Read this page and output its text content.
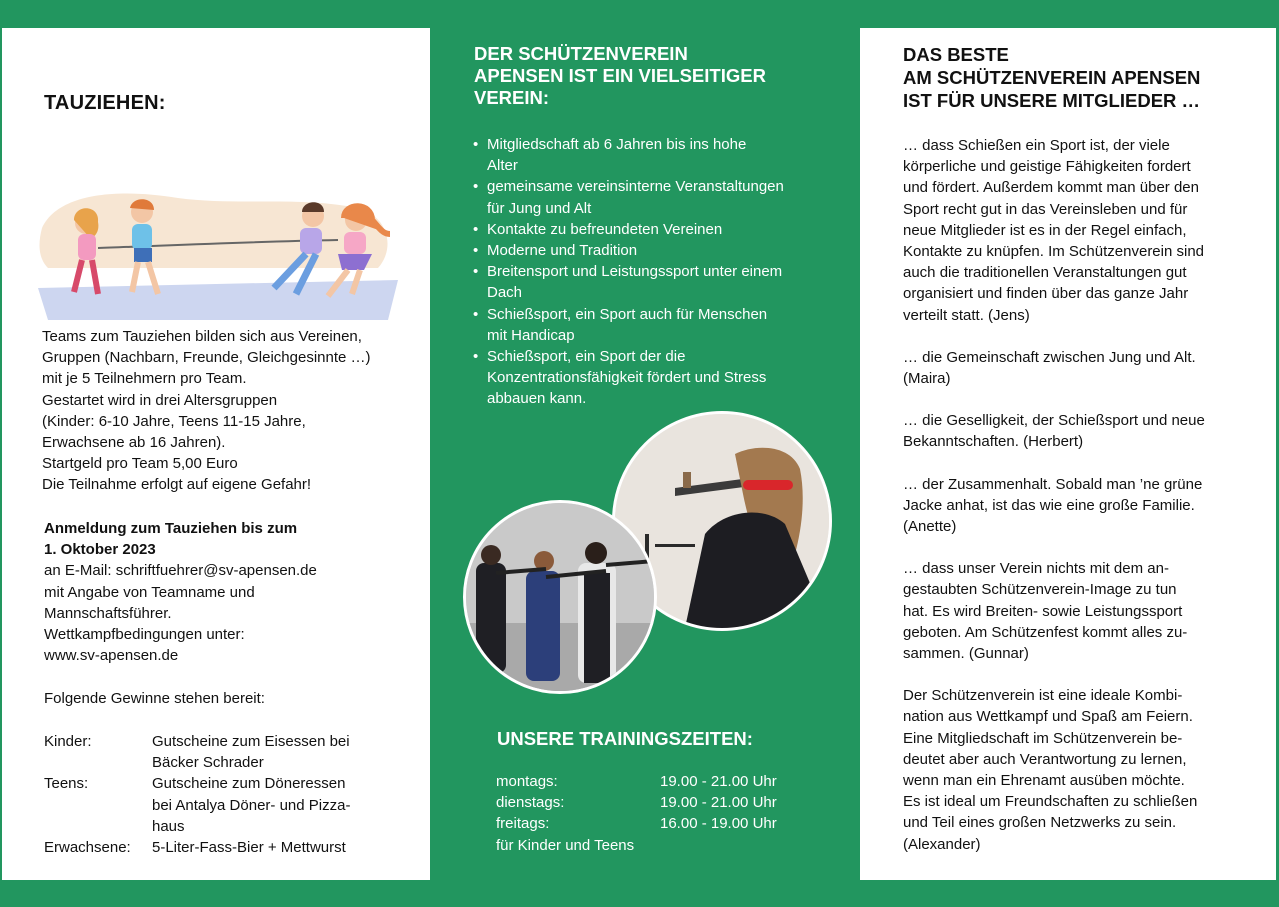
TAUZIEHEN:
Teams zum Tauziehen bilden sich aus Vereinen,
Gruppen (Nachbarn, Freunde, Gleichgesinnte …)
mit je 5 Teilnehmern pro Team.
Gestartet wird in drei Altersgruppen
(Kinder: 6-10 Jahre, Teens 11-15 Jahre,
Erwachsene ab 16 Jahren).
Startgeld pro Team 5,00 Euro
Die Teilnahme erfolgt auf eigene Gefahr!
Anmeldung zum Tauziehen bis zum
1. Oktober 2023
an E-Mail: schriftfuehrer@sv-apensen.de
mit Angabe von Teamname und
Mannschaftsführer.
Wettkampfbedingungen unter:
www.sv-apensen.de
Folgende Gewinne stehen bereit:
Kinder:	Gutscheine zum Eisessen bei
Bäcker Schrader
Teens:	Gutscheine zum Döneressen
bei Antalya Döner- und Pizza-
haus
Erwachsene:	5-Liter-Fass-Bier + Mettwurst
DER SCHÜTZENVEREIN
APENSEN IST EIN VIELSEITIGER
VEREIN:
• Mitgliedschaft ab 6 Jahren bis ins hohe
Alter
• gemeinsame vereinsinterne Veranstaltungen
für Jung und Alt
• Kontakte zu befreundeten Vereinen
• Moderne und Tradition
• Breitensport und Leistungssport unter einem
Dach
• Schießsport, ein Sport auch für Menschen
mit Handicap
• Schießsport, ein Sport der die
Konzentrationsfähigkeit fördert und Stress
abbauen kann.
UNSERE TRAININGSZEITEN:
montags:	19.00 - 21.00 Uhr
dienstags:	19.00 - 21.00 Uhr
freitags:	16.00 - 19.00 Uhr
für Kinder und Teens
DAS BESTE
AM SCHÜTZENVEREIN APENSEN
IST FÜR UNSERE MITGLIEDER …
… dass Schießen ein Sport ist, der viele
körperliche und geistige Fähigkeiten fordert
und fördert. Außerdem kommt man über den
Sport recht gut in das Vereinsleben und für
neue Mitglieder ist es in der Regel einfach,
Kontakte zu knüpfen. Im Schützenverein sind
auch die traditionellen Veranstaltungen gut
organisiert und finden über das ganze Jahr
verteilt statt. (Jens)
… die Gemeinschaft zwischen Jung und Alt.
(Maira)
… die Geselligkeit, der Schießsport und neue
Bekanntschaften. (Herbert)
… der Zusammenhalt. Sobald man ’ne grüne
Jacke anhat, ist das wie eine große Familie.
(Anette)
… dass unser Verein nichts mit dem an-
gestaubten Schützenverein-Image zu tun
hat. Es wird Breiten- sowie Leistungssport
geboten. Am Schützenfest kommt alles zu-
sammen. (Gunnar)
Der Schützenverein ist eine ideale Kombi-
nation aus Wettkampf und Spaß am Feiern.
Eine Mitgliedschaft im Schützenverein be-
deutet aber auch Verantwortung zu lernen,
wenn man ein Ehrenamt ausüben möchte.
Es ist ideal um Freundschaften zu schließen
und Teil eines großen Netzwerks zu sein.
(Alexander)
